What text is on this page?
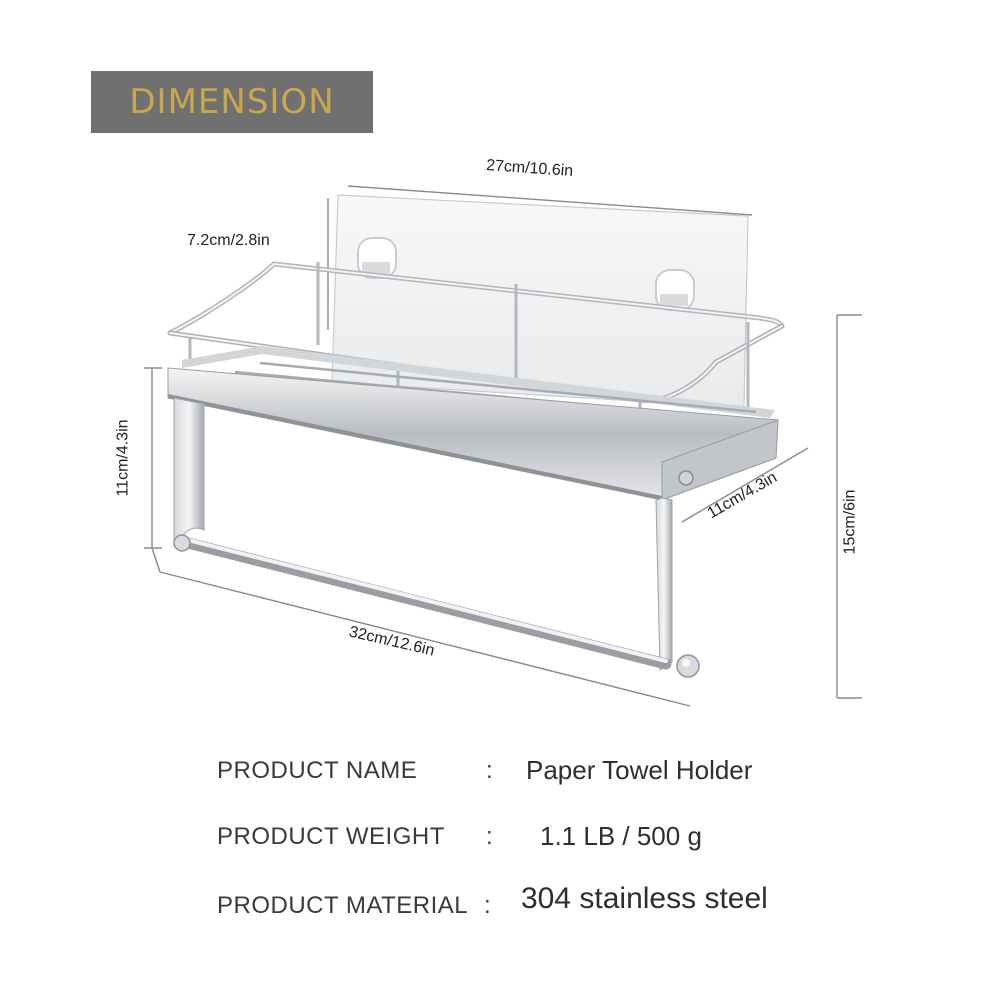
DIMENSION
27cm/10.6in
7.2cm/2.8in
11cm/4.3in	11cm/4.3in	15cm/6in
32cm/12.6in
PRODUCT NAME	: Paper Towel Holder
PRODUCT WEIGHT : 1.1 LB / 500 g
PRODUCT MATERIAL : 304 stainless steel
